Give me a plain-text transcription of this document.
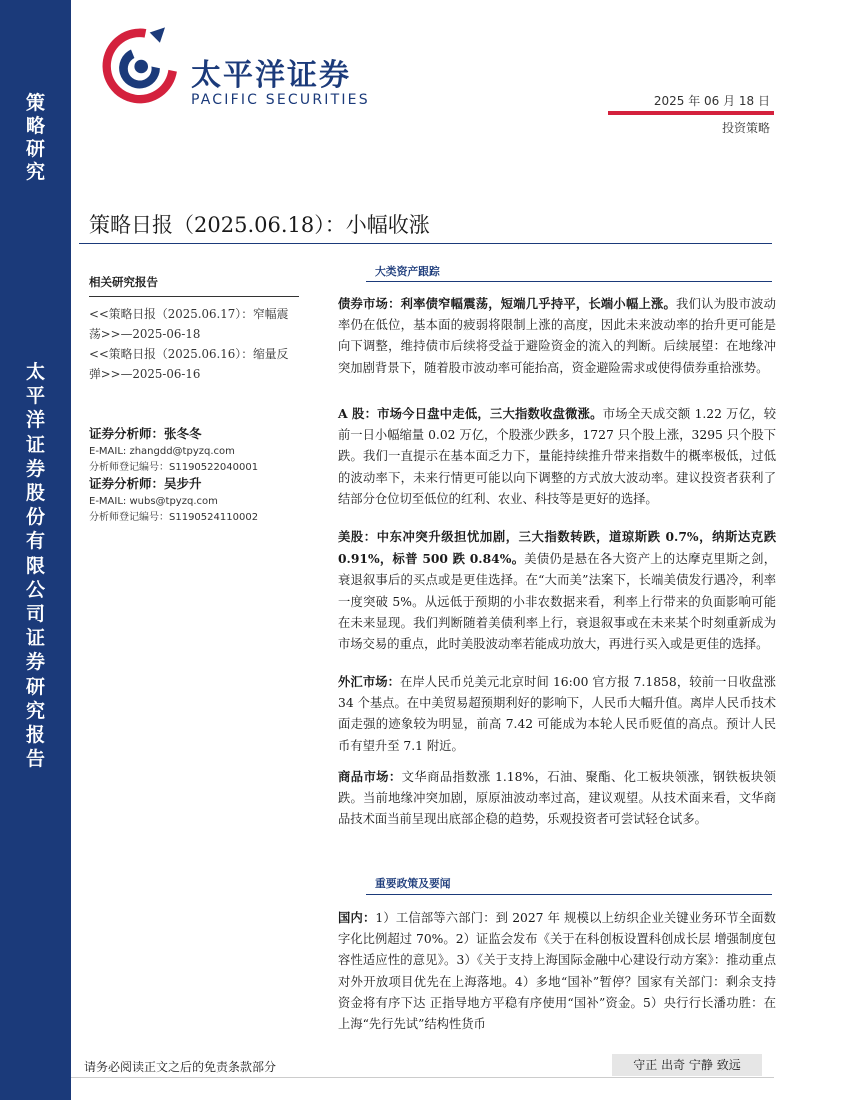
策
略
研
究
太
平
洋
证
券
股
份
有
限
公
司
证
券
研
究
报
告
太平洋证券
PACIFIC SECURITIES	2025 年 06 月 18 日
投资策略
策略日报（2025.06.18）：小幅收涨
相关研究报告
<<策略日报（2025.06.17）：窄幅震荡>>—2025-06-18
<<策略日报（2025.06.16）：缩量反弹>>—2025-06-16
证券分析师：张冬冬
E-MAIL: zhangdd@tpyzq.com
分析师登记编号：S1190522040001
证券分析师：吴步升
E-MAIL: wubs@tpyzq.com
分析师登记编号：S1190524110002
大类资产跟踪
债券市场：利率债窄幅震荡，短端几乎持平，长端小幅上涨。我们认为股市波动率仍在低位，基本面的疲弱将限制上涨的高度，因此未来波动率的抬升更可能是向下调整，维持债市后续将受益于避险资金的流入的判断。后续展望：在地缘冲突加剧背景下，随着股市波动率可能抬高，资金避险需求或使得债券重拾涨势。
A 股：市场今日盘中走低，三大指数收盘微涨。市场全天成交额 1.22 万亿，较前一日小幅缩量 0.02 万亿，个股涨少跌多，1727 只个股上涨，3295 只个股下跌。我们一直提示在基本面乏力下，量能持续推升带来指数牛的概率极低，过低的波动率下，未来行情更可能以向下调整的方式放大波动率。建议投资者获利了结部分仓位切至低位的红利、农业、科技等是更好的选择。
美股：中东冲突升级担忧加剧，三大指数转跌，道琼斯跌 0.7%，纳斯达克跌 0.91%，标普 500 跌 0.84%。美债仍是悬在各大资产上的达摩克里斯之剑，衰退叙事后的买点或是更佳选择。在“大而美”法案下，长端美债发行遇冷，利率一度突破 5%。从远低于预期的小非农数据来看，利率上行带来的负面影响可能在未来显现。我们判断随着美债利率上行，衰退叙事或在未来某个时刻重新成为市场交易的重点，此时美股波动率若能成功放大，再进行买入或是更佳的选择。
外汇市场：在岸人民币兑美元北京时间 16:00 官方报 7.1858，较前一日收盘涨 34 个基点。在中美贸易超预期利好的影响下，人民币大幅升值。离岸人民币技术面走强的迹象较为明显，前高 7.42 可能成为本轮人民币贬值的高点。预计人民币有望升至 7.1 附近。
商品市场：文华商品指数涨 1.18%，石油、聚酯、化工板块领涨，钢铁板块领跌。当前地缘冲突加剧，原原油波动率过高，建议观望。从技术面来看，文华商品技术面当前呈现出底部企稳的趋势，乐观投资者可尝试轻仓试多。
重要政策及要闻
国内：1）工信部等六部门：到 2027 年 规模以上纺织企业关键业务环节全面数字化比例超过 70%。2）证监会发布《关于在科创板设置科创成长层 增强制度包容性适应性的意见》。3）《关于支持上海国际金融中心建设行动方案》：推动重点对外开放项目优先在上海落地。4）多地“国补”暂停？国家有关部门：剩余支持资金将有序下达 正指导地方平稳有序使用“国补”资金。5）央行行长潘功胜：在上海“先行先试”结构性货币
请务必阅读正文之后的免责条款部分	守正 出奇 宁静 致远
